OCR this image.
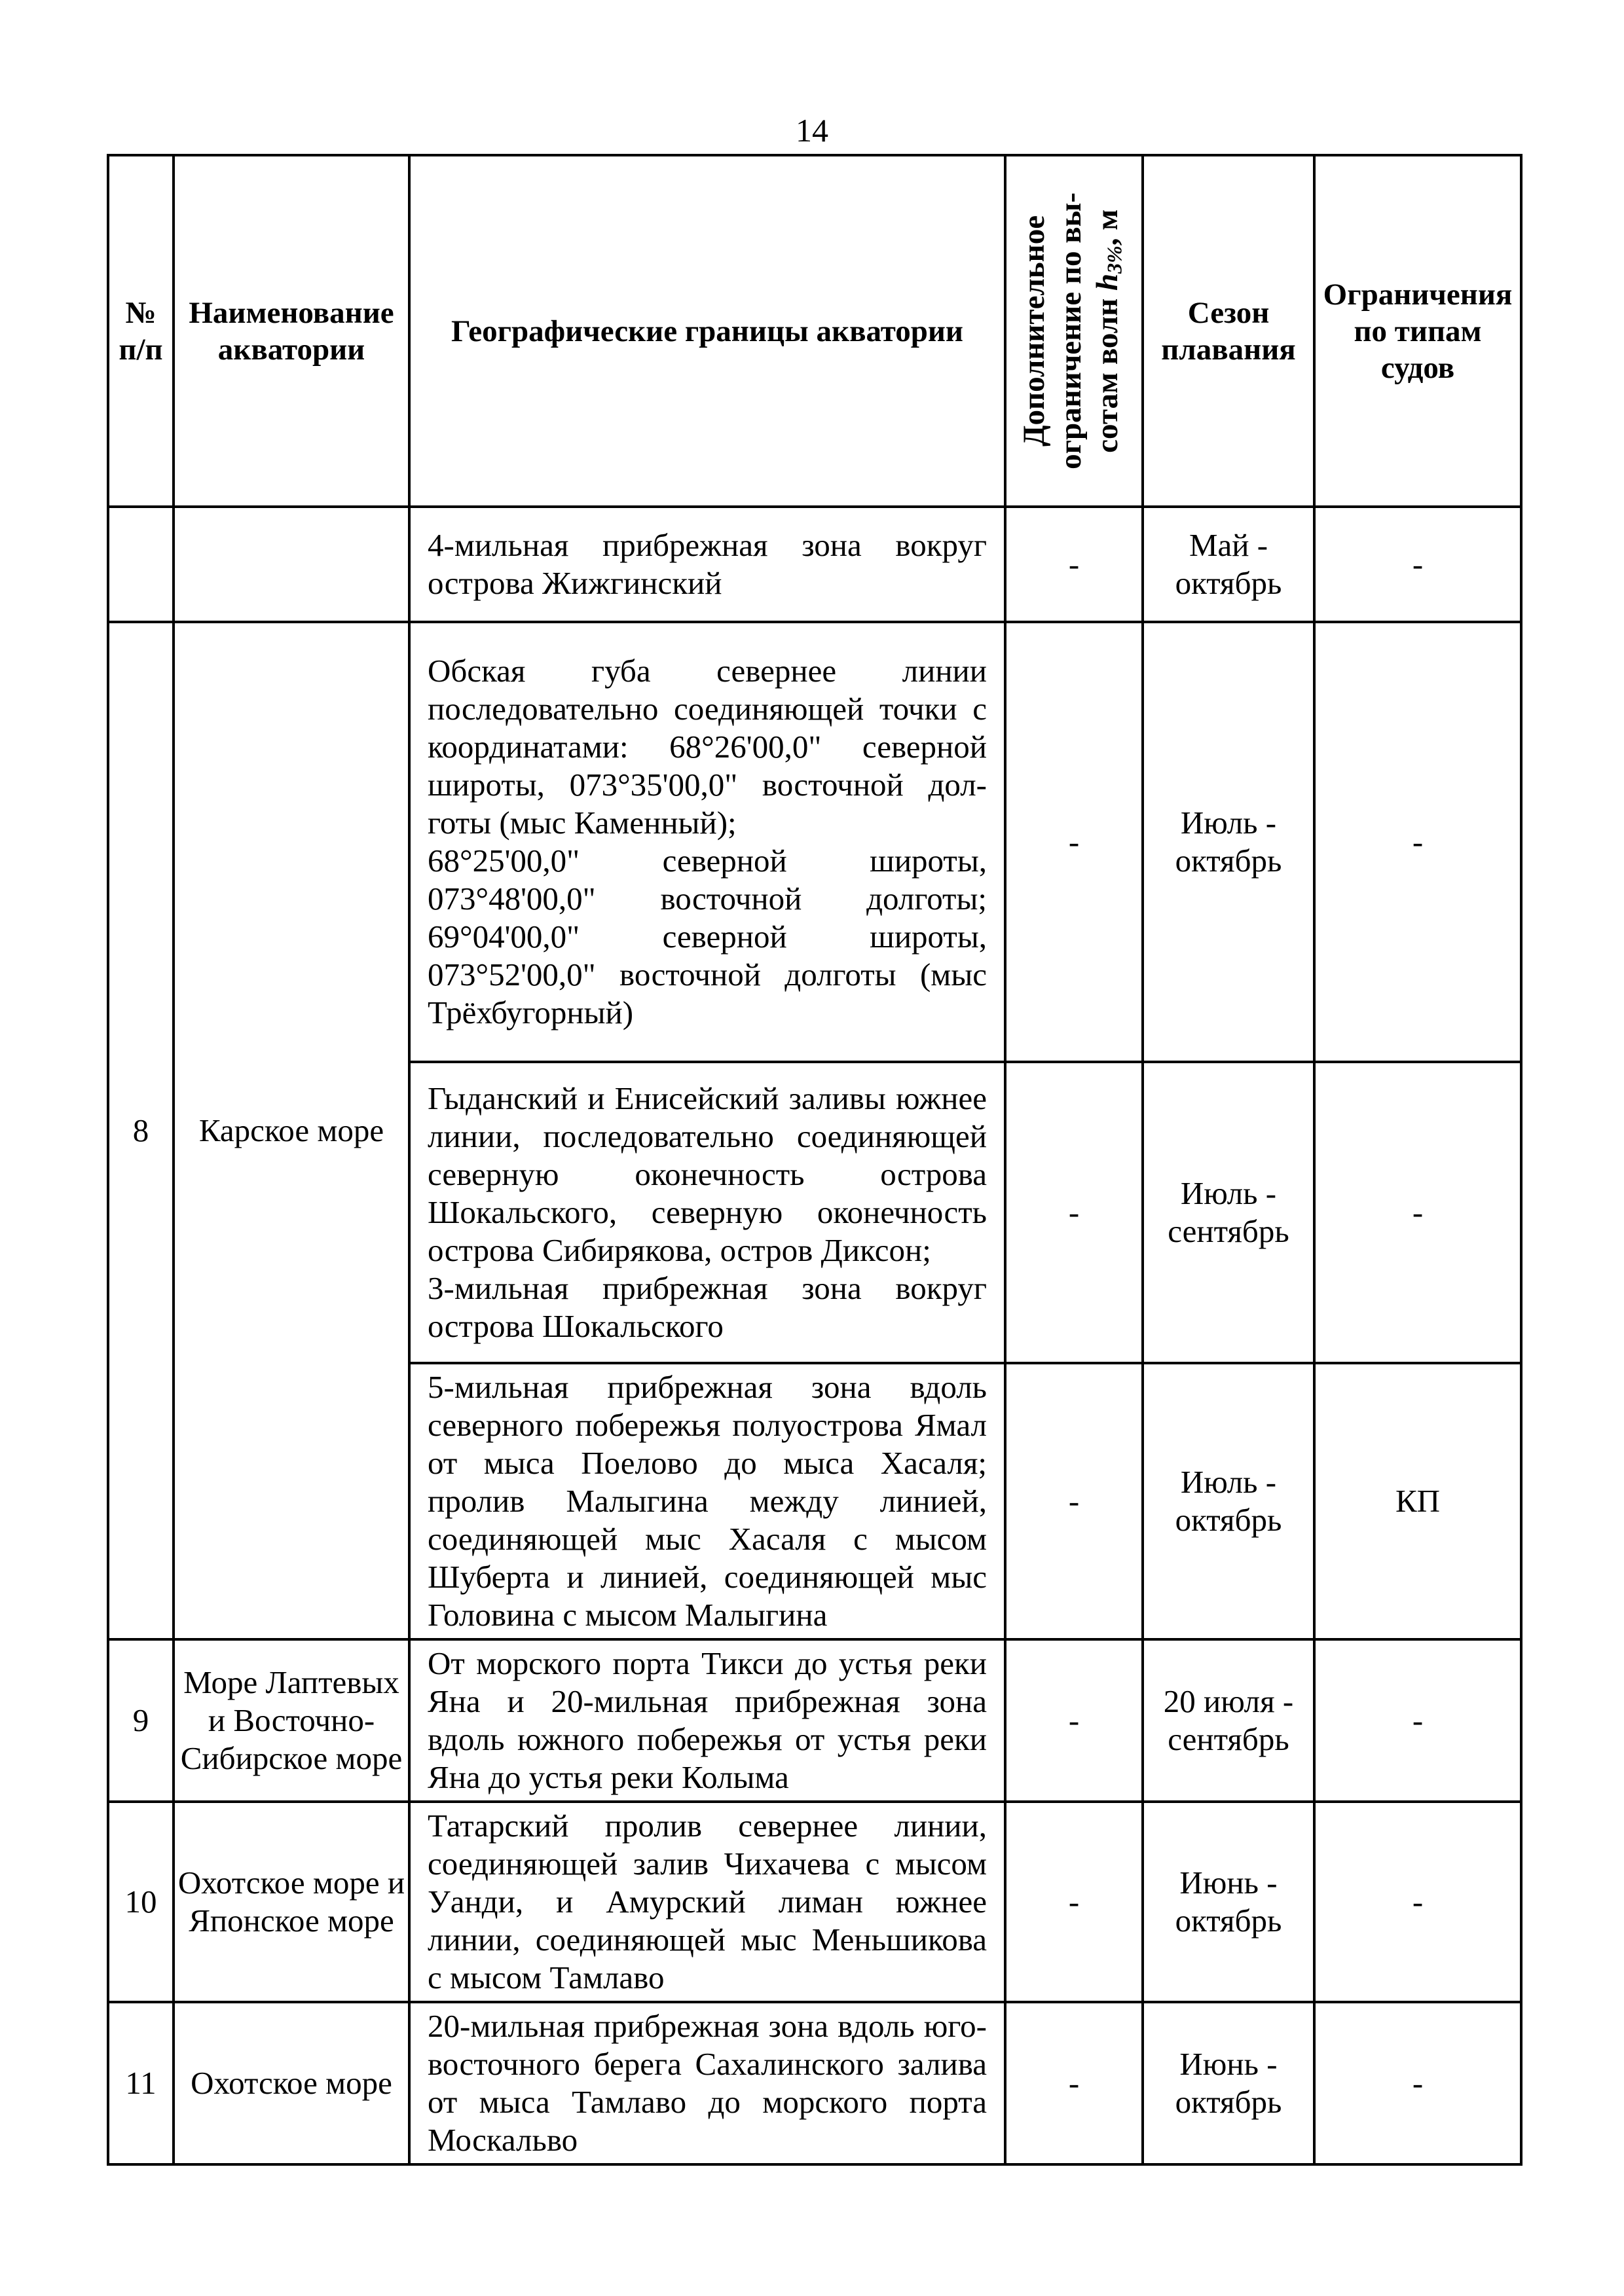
14
№ п/п	Наименование акватории	Географические границы акватории	Дополнительное
ограничение по вы-
сотам волн $h_{3\%}$, м	Сезон плавания	Ограничения по типам судов

		4-мильная прибрежная зона вокруг острова Жижгинский	-	Май - октябрь	-
8	Карское море	Обская губа севернее линии последовательно соединяющей точки с координатами: 68°26'00,0" северной широты, 073°35'00,0" восточной дол-готы (мыс Каменный);

68°25'00,0" северной широты, 073°48'00,0" восточной долготы; 69°04'00,0" северной широты, 073°52'00,0" восточной долготы (мыс Трёхбугорный)	-	Июль - октябрь	-

		Гыданский и Енисейский заливы южнее линии, последовательно соединяющей северную оконечность острова Шокальского, северную оконечность острова Сибирякова, остров Диксон;

3-мильная прибрежная зона вокруг острова Шокальского	-	Июль - сентябрь	-

		5-мильная прибрежная зона вдоль северного побережья полуострова Ямал от мыса Поелово до мыса Хасаля; пролив Малыгина между линией, соединяющей мыс Хасаля с мысом Шуберта и линией, соединяющей мыс Головина с мысом Малыгина	-	Июль - октябрь	КП
9	Море Лаптевых и Восточно-Сибирское море	От морского порта Тикси до устья реки Яна и 20-мильная прибрежная зона вдоль южного побережья от устья реки Яна до устья реки Колыма	-	20 июля - сентябрь	-
10	Охотское море и Японское море	Татарский пролив севернее линии, соединяющей залив Чихачева с мысом Уанди, и Амурский лиман южнее линии, соединяющей мыс Меньшикова с мысом Тамлаво	-	Июнь - октябрь	-
11	Охотское море	20-мильная прибрежная зона вдоль юго-восточного берега Сахалинского залива от мыса Тамлаво до морского порта Москальво	-	Июнь - октябрь	-
